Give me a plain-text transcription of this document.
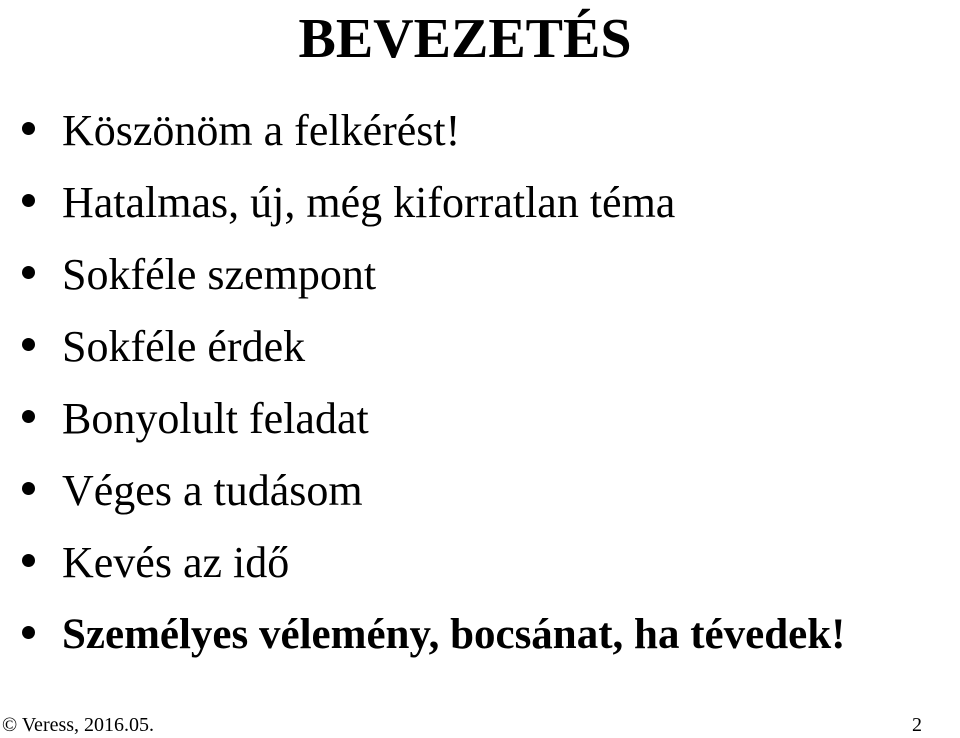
BEVEZETÉS
Köszönöm a felkérést!
Hatalmas, új, még kiforratlan téma
Sokféle szempont
Sokféle érdek
Bonyolult feladat
Véges a tudásom
Kevés az idő
Személyes vélemény, bocsánat, ha tévedek!
© Veress, 2016.05.	2
